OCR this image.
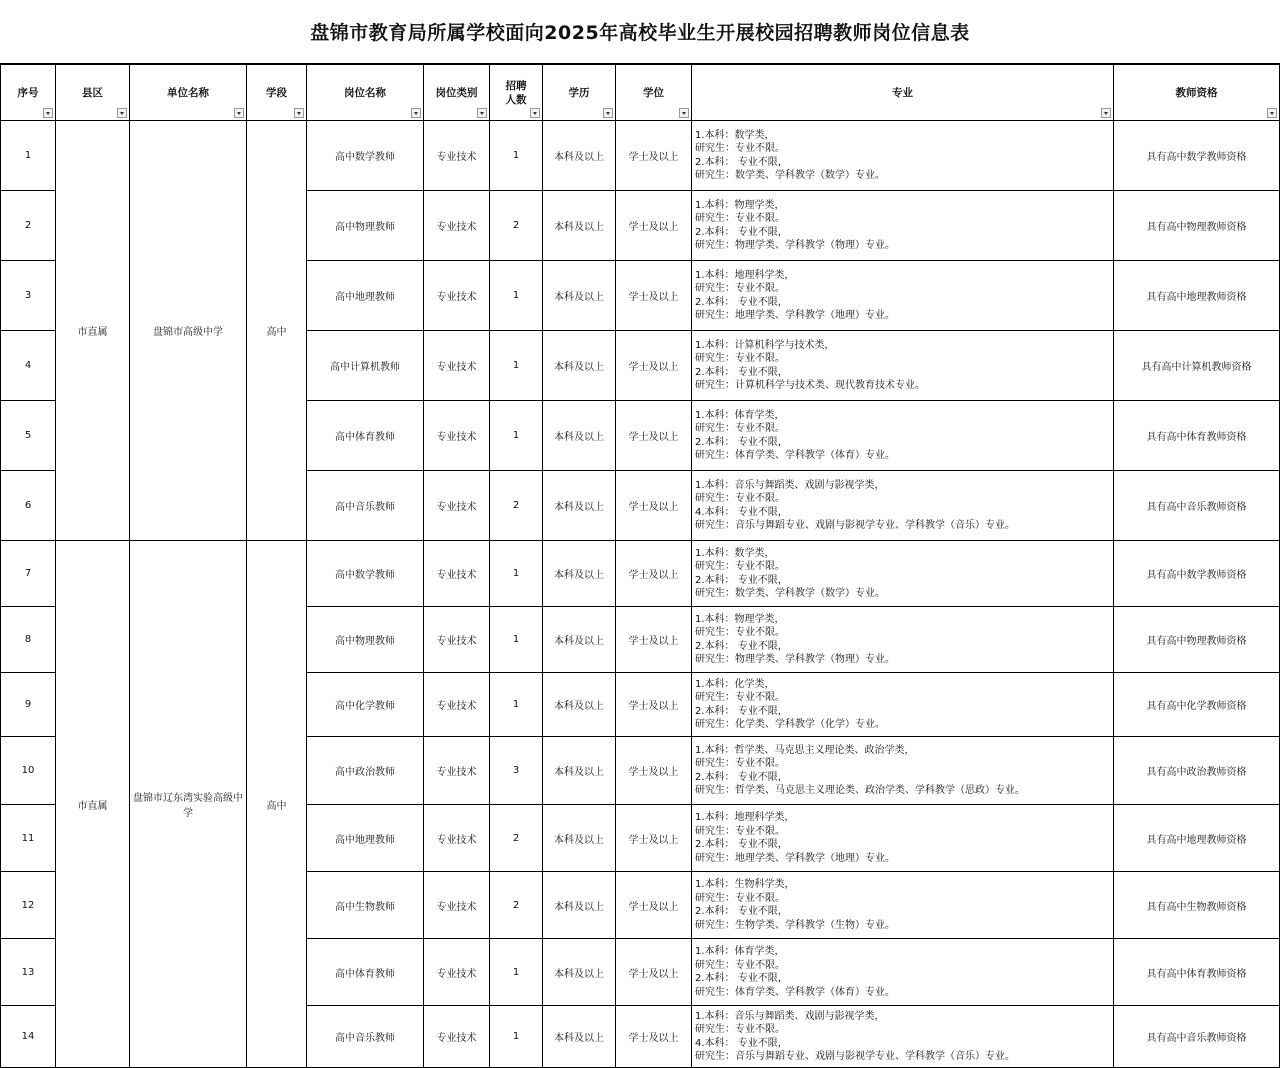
盘锦市教育局所属学校面向2025年高校毕业生开展校园招聘教师岗位信息表
序号	县区	单位名称	学段	岗位名称	岗位类别	招聘
人数	学历	学位	专业	教师资格

1	市直属	盘锦市高级中学	高中	高中数学教师	专业技术	1	本科及以上	学士及以上	1.本科：数学类，
研究生：专业不限。
2.本科： 专业不限，
研究生：数学类、学科教学（数学）专业。	具有高中数学教师资格
2				高中物理教师	专业技术	2	本科及以上	学士及以上	1.本科：物理学类，
研究生：专业不限。
2.本科： 专业不限，
研究生：物理学类、学科教学（物理）专业。	具有高中物理教师资格
3				高中地理教师	专业技术	1	本科及以上	学士及以上	1.本科：地理科学类，
研究生：专业不限。
2.本科： 专业不限，
研究生：地理学类、学科教学（地理）专业。	具有高中地理教师资格
4				高中计算机教师	专业技术	1	本科及以上	学士及以上	1.本科：计算机科学与技术类，
研究生：专业不限。
2.本科： 专业不限，
研究生：计算机科学与技术类、现代教育技术专业。	具有高中计算机教师资格
5				高中体育教师	专业技术	1	本科及以上	学士及以上	1.本科：体育学类，
研究生：专业不限。
2.本科： 专业不限，
研究生：体育学类、学科教学（体育）专业。	具有高中体育教师资格
6				高中音乐教师	专业技术	2	本科及以上	学士及以上	1.本科：音乐与舞蹈类、戏剧与影视学类，
研究生：专业不限。
4.本科： 专业不限，
研究生：音乐与舞蹈专业、戏剧与影视学专业、学科教学（音乐）专业。	具有高中音乐教师资格
7	市直属	盘锦市辽东湾实验高级中学	高中	高中数学教师	专业技术	1	本科及以上	学士及以上	1.本科：数学类，
研究生：专业不限。
2.本科： 专业不限，
研究生：数学类、学科教学（数学）专业。	具有高中数学教师资格
8				高中物理教师	专业技术	1	本科及以上	学士及以上	1.本科：物理学类，
研究生：专业不限。
2.本科： 专业不限，
研究生：物理学类、学科教学（物理）专业。	具有高中物理教师资格
9				高中化学教师	专业技术	1	本科及以上	学士及以上	1.本科：化学类，
研究生：专业不限。
2.本科： 专业不限，
研究生：化学类、学科教学（化学）专业。	具有高中化学教师资格
10				高中政治教师	专业技术	3	本科及以上	学士及以上	1.本科：哲学类、马克思主义理论类、政治学类，
研究生：专业不限。
2.本科： 专业不限，
研究生：哲学类、马克思主义理论类、政治学类、学科教学（思政）专业。	具有高中政治教师资格
11				高中地理教师	专业技术	2	本科及以上	学士及以上	1.本科：地理科学类，
研究生：专业不限。
2.本科： 专业不限，
研究生：地理学类、学科教学（地理）专业。	具有高中地理教师资格
12				高中生物教师	专业技术	2	本科及以上	学士及以上	1.本科：生物科学类，
研究生：专业不限。
2.本科： 专业不限，
研究生：生物学类、学科教学（生物）专业。	具有高中生物教师资格
13				高中体育教师	专业技术	1	本科及以上	学士及以上	1.本科：体育学类，
研究生：专业不限。
2.本科： 专业不限，
研究生：体育学类、学科教学（体育）专业。	具有高中体育教师资格
14				高中音乐教师	专业技术	1	本科及以上	学士及以上	1.本科：音乐与舞蹈类、戏剧与影视学类，
研究生：专业不限。
4.本科： 专业不限，
研究生：音乐与舞蹈专业、戏剧与影视学专业、学科教学（音乐）专业。	具有高中音乐教师资格
